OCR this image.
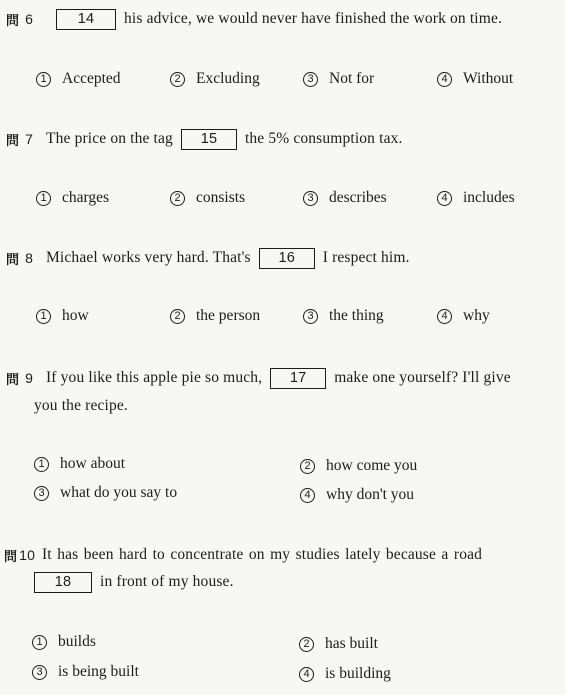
問 6	14	his advice, we would never have finished the work on time.
1 Accepted	2 Excluding	3 Not for	4 Without
問 7 The price on the tag	15	the 5% consumption tax.
1 charges	2 consists	3 describes	4 includes
問 8 Michael works very hard. That's	16	I respect him.
1 how	2 the person	3 the thing	4 why
問 9 If you like this apple pie so much,	17	make one yourself? I'll give
you the recipe.
1 how about	2 how come you
3 what do you say to	4 why don't you
問 10 It has been hard to concentrate on my studies lately because a road
18	in front of my house.
1 builds	2 has built
3 is being built	4 is building
